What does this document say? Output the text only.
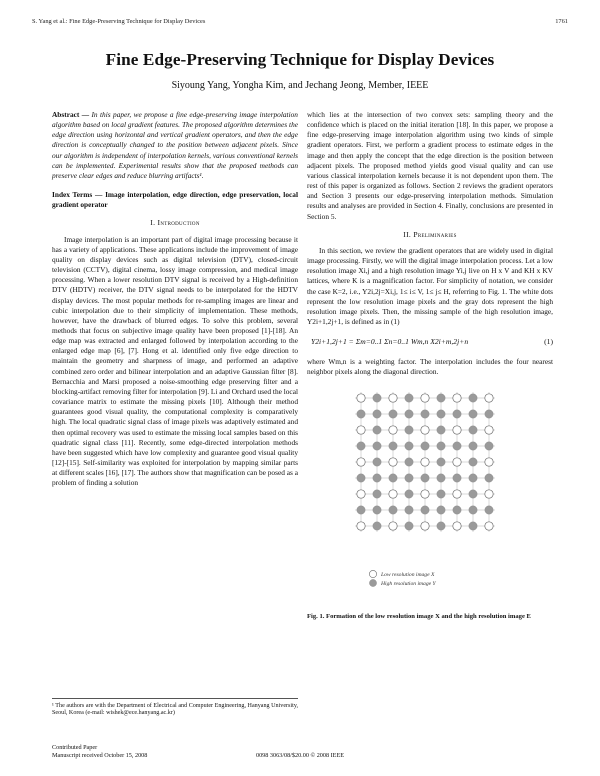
S. Yang et al.: Fine Edge-Preserving Technique for Display Devices	1761
Fine Edge-Preserving Technique for Display Devices
Siyoung Yang, Yongha Kim, and Jechang Jeong, Member, IEEE

Abstract — In this paper, we propose a fine edge-preserving image interpolation algorithm based on local gradient features. The proposed algorithm determines the edge direction using horizontal and vertical gradient operators, and then the edge direction is conceptually changed to the position between adjacent pixels. Since our algorithm is independent of interpolation kernels, various conventional kernels can be implemented. Experimental results show that the proposed methods can preserve clear edges and reduce blurring artifacts¹.

Index Terms — Image interpolation, edge direction, edge preservation, local gradient operator

I. Introduction

Image interpolation is an important part of digital image processing because it has a variety of applications. These applications include the improvement of image quality on display devices such as digital television (DTV), closed-circuit television (CCTV), digital cinema, lossy image compression, and medical image processing. When a lower resolution DTV signal is received by a High-definition DTV (HDTV) receiver, the DTV signal needs to be interpolated for the HDTV display devices. The most popular methods for re-sampling images are linear and cubic interpolation due to their simplicity of implementation. These methods, however, have the drawback of blurred edges. To solve this problem, several methods that focus on subjective image quality have been proposed [1]-[18]. An edge map was extracted and enlarged followed by interpolation according to the enlarged edge map [6], [7]. Hong et al. identified only five edge direction to maintain the geometry and sharpness of image, and performed an adaptive combined zero order and bilinear interpolation and an adaptive Gaussian filter [8]. Bernacchia and Marsi proposed a noise-smoothing edge preserving filter and a blocking-artifact removing filter for interpolation [9]. Li and Orchard used the local covariance matrix to estimate the missing pixels [10]. Although their method guarantees good visual quality, the computational complexity is comparatively high. The local quadratic signal class of image pixels was adaptively estimated and then optimal recovery was used to estimate the missing local samples based on this quadratic signal class [11]. Recently, some edge-directed interpolation methods have been suggested which have low complexity and guarantee good visual quality [12]-[15]. Self-similarity was exploited for interpolation by mapping similar parts at different scales [16], [17]. The authors show that magnification can be posed as a problem of finding a solution

which lies at the intersection of two convex sets: sampling theory and the confidence which is placed on the initial iteration [18]. In this paper, we propose a fine edge-preserving image interpolation algorithm using two kinds of simple gradient operators. First, we perform a gradient process to estimate edges in the image and then apply the concept that the edge direction is the position between adjacent pixels. The proposed method yields good visual quality and can use various classical interpolation kernels because it is not dependent upon them. The rest of this paper is organized as follows. Section 2 reviews the gradient operators and Section 3 presents our edge-preserving interpolation methods. Simulation results and analyses are provided in Section 4. Finally, conclusions are presented in Section 5.

II. Preliminaries

In this section, we review the gradient operators that are widely used in digital image processing. Firstly, we will the digital image interpolation process. Let a low resolution image Xi,j and a high resolution image Yi,j live on H x V and KH x KV lattices, where K is a magnification factor. For simplicity of notation, we consider the case K=2, i.e., Y2i,2j=Xi,j, 1≤ i≤ V, 1≤ j≤ H, referring to Fig. 1. The white dots represent the low resolution image pixels and the gray dots represent the high resolution image pixels. Then, the missing sample of the high resolution image, Y2i+1,2j+1, is defined as in (1)

Y2i+1,2j+1 = Σm=0..1 Σn=0..1 Wm,n X2i+m,2j+n	(1)

where Wm,n is a weighting factor. The interpolation includes the four nearest neighbor pixels along the diagonal direction.

Low resolution image X
High resolution image Y

Fig. 1. Formation of the low resolution image X and the high resolution image E

¹ The authors are with the Department of Electrical and Computer Engineering, Hanyang University, Seoul, Korea (e-mail: wishek@ece.hanyang.ac.kr)
Contributed Paper
Manuscript received October 15, 2008	0098 3063/08/$20.00 © 2008 IEEE
